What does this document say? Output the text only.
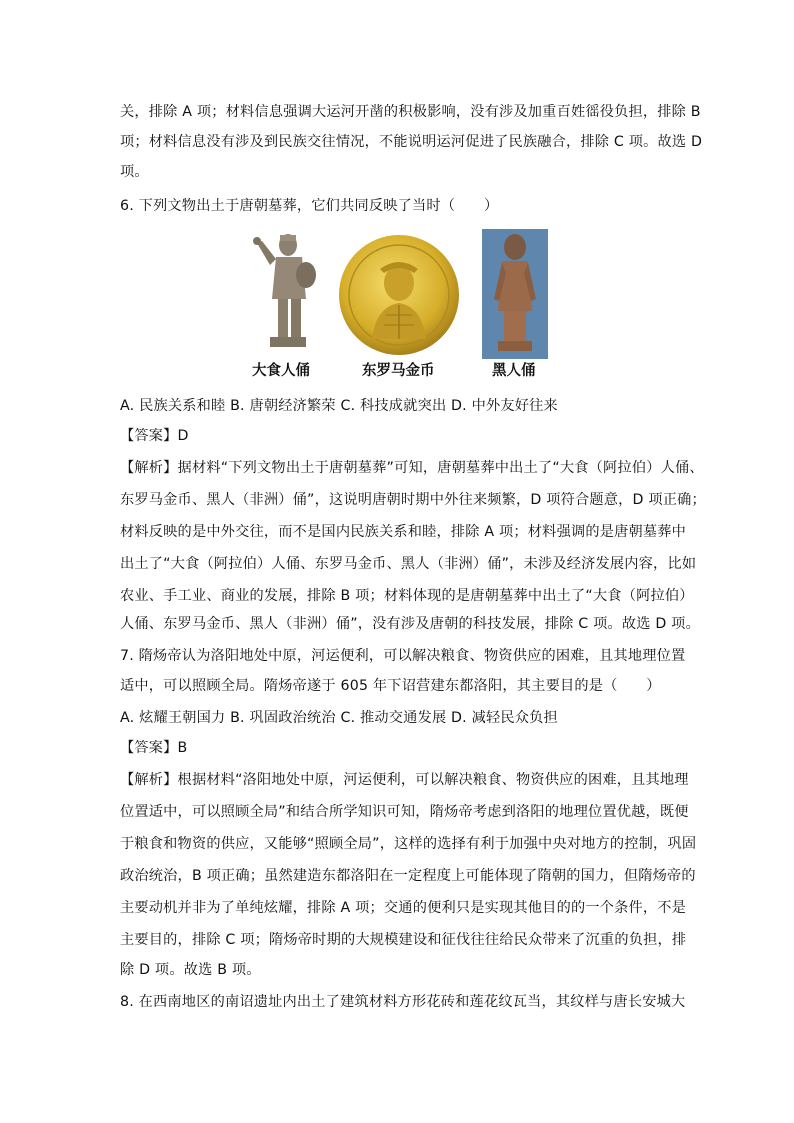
关，排除 A 项；材料信息强调大运河开凿的积极影响，没有涉及加重百姓徭役负担，排除 B
项；材料信息没有涉及到民族交往情况，不能说明运河促进了民族融合，排除 C 项。故选 D
项。
6. 下列文物出土于唐朝墓葬，它们共同反映了当时（　　）
大食人俑	东罗马金币	黑人俑
A. 民族关系和睦 B. 唐朝经济繁荣 C. 科技成就突出 D. 中外友好往来
【答案】D
【解析】据材料“下列文物出土于唐朝墓葬”可知，唐朝墓葬中出土了“大食（阿拉伯）人俑、
东罗马金币、黑人（非洲）俑”，这说明唐朝时期中外往来频繁，D 项符合题意，D 项正确；
材料反映的是中外交往，而不是国内民族关系和睦，排除 A 项；材料强调的是唐朝墓葬中
出土了“大食（阿拉伯）人俑、东罗马金币、黑人（非洲）俑”，未涉及经济发展内容，比如
农业、手工业、商业的发展，排除 B 项；材料体现的是唐朝墓葬中出土了“大食（阿拉伯）
人俑、东罗马金币、黑人（非洲）俑”，没有涉及唐朝的科技发展，排除 C 项。故选 D 项。
7. 隋炀帝认为洛阳地处中原，河运便利，可以解决粮食、物资供应的困难，且其地理位置
适中，可以照顾全局。隋炀帝遂于 605 年下诏营建东都洛阳，其主要目的是（　　）
A. 炫耀王朝国力 B. 巩固政治统治 C. 推动交通发展 D. 减轻民众负担
【答案】B
【解析】根据材料“洛阳地处中原，河运便利，可以解决粮食、物资供应的困难，且其地理
位置适中，可以照顾全局”和结合所学知识可知，隋炀帝考虑到洛阳的地理位置优越，既便
于粮食和物资的供应，又能够“照顾全局”，这样的选择有利于加强中央对地方的控制，巩固
政治统治，B 项正确；虽然建造东都洛阳在一定程度上可能体现了隋朝的国力，但隋炀帝的
主要动机并非为了单纯炫耀，排除 A 项；交通的便利只是实现其他目的的一个条件，不是
主要目的，排除 C 项；隋炀帝时期的大规模建设和征伐往往给民众带来了沉重的负担，排
除 D 项。故选 B 项。
8. 在西南地区的南诏遗址内出土了建筑材料方形花砖和莲花纹瓦当，其纹样与唐长安城大
